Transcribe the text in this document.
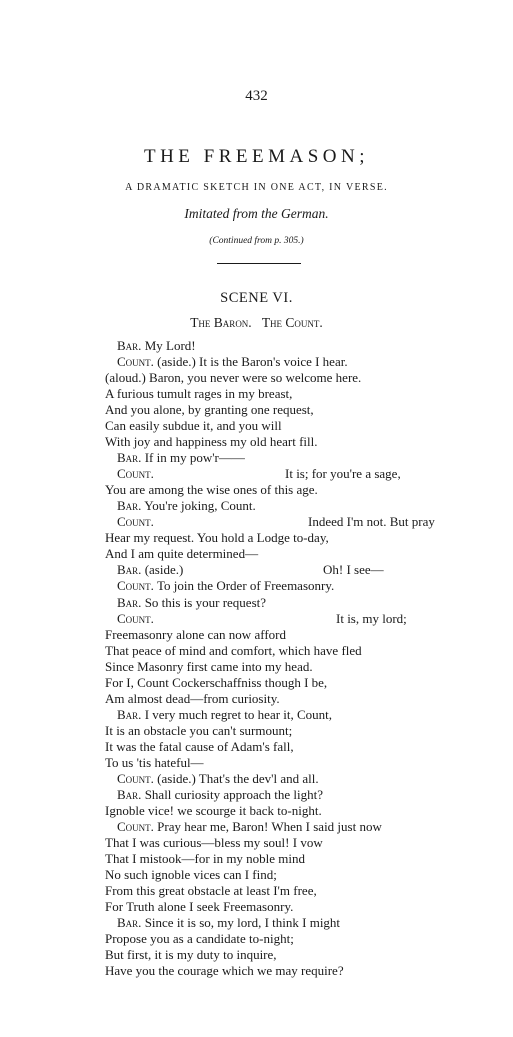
432
THE FREEMASON;
A DRAMATIC SKETCH IN ONE ACT, IN VERSE.
Imitated from the German.
(Continued from p. 305.)
SCENE VI.
The Baron. The Count.
Bar. My Lord!
Count. (aside.) It is the Baron's voice I hear.
(aloud.) Baron, you never were so welcome here.
A furious tumult rages in my breast,
And you alone, by granting one request,
Can easily subdue it, and you will
With joy and happiness my old heart fill.
Bar. If in my pow'r——
Count.	It is; for you're a sage,
You are among the wise ones of this age.
Bar. You're joking, Count.
Count.	Indeed I'm not. But pray
Hear my request. You hold a Lodge to-day,
And I am quite determined—
Bar. (aside.)	Oh! I see—
Count. To join the Order of Freemasonry.
Bar. So this is your request?
Count.	It is, my lord;
Freemasonry alone can now afford
That peace of mind and comfort, which have fled
Since Masonry first came into my head.
For I, Count Cockerschaffniss though I be,
Am almost dead—from curiosity.
Bar. I very much regret to hear it, Count,
It is an obstacle you can't surmount;
It was the fatal cause of Adam's fall,
To us 'tis hateful—
Count. (aside.) That's the dev'l and all.
Bar. Shall curiosity approach the light?
Ignoble vice! we scourge it back to-night.
Count. Pray hear me, Baron! When I said just now
That I was curious—bless my soul! I vow
That I mistook—for in my noble mind
No such ignoble vices can I find;
From this great obstacle at least I'm free,
For Truth alone I seek Freemasonry.
Bar. Since it is so, my lord, I think I might
Propose you as a candidate to-night;
But first, it is my duty to inquire,
Have you the courage which we may require?
